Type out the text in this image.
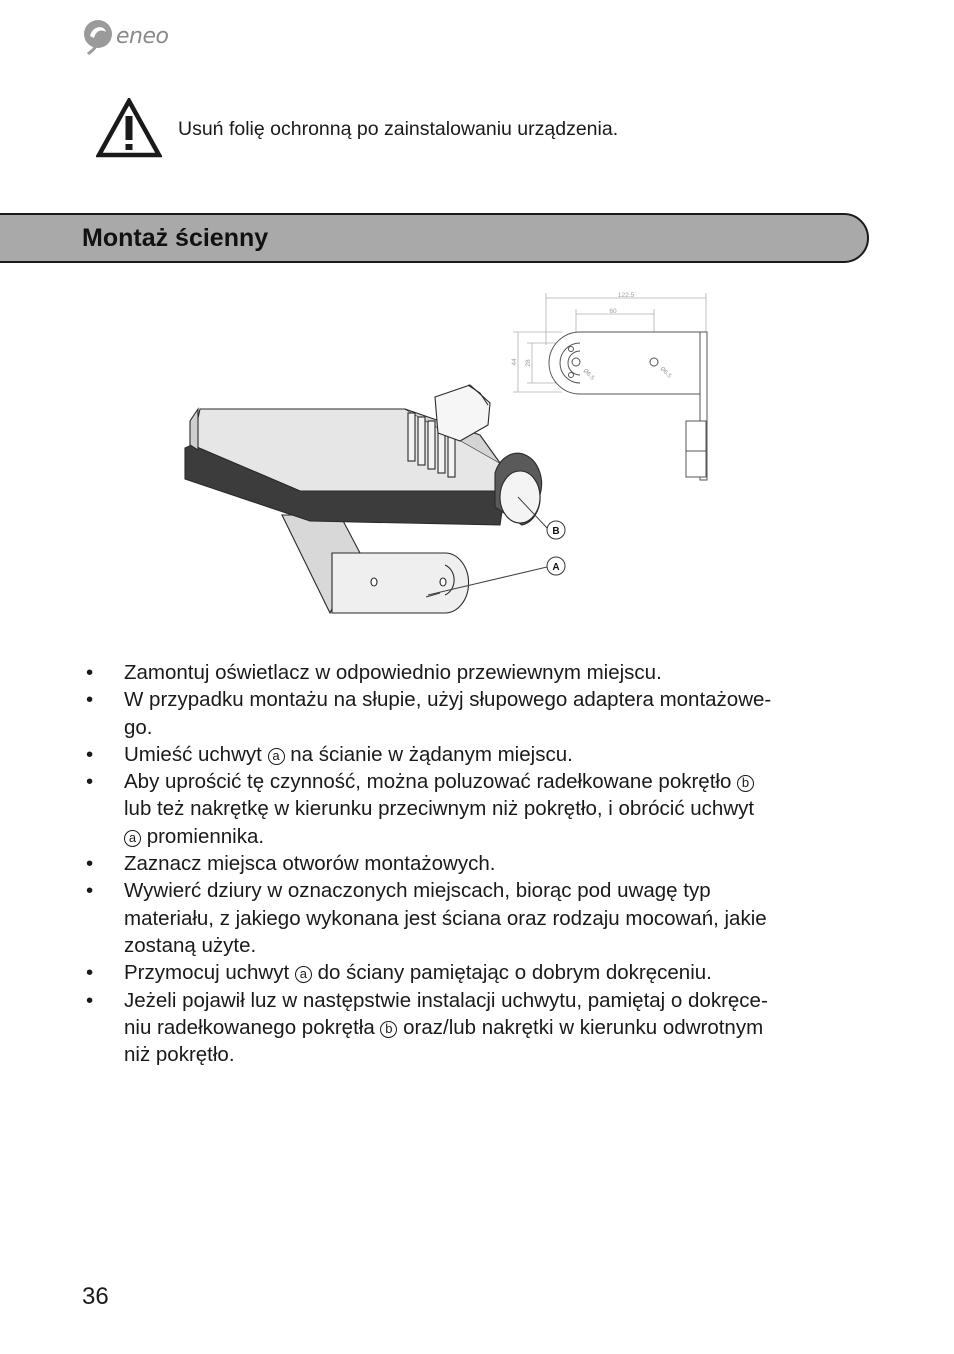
eneo
Usuń folię ochronną po zainstalowaniu urządzenia.
Montaż ścienny
122.5
60
44 28
Ø6.5	Ø6.5
B
A
• Zamontuj oświetlacz w odpowiednio przewiewnym miejscu.
• W przypadku montażu na słupie, użyj słupowego adaptera montażowe-
go.
• Umieść uchwyt a na ścianie w żądanym miejscu.
• Aby uprościć tę czynność, można poluzować radełkowane pokrętło b
lub też nakrętkę w kierunku przeciwnym niż pokrętło, i obrócić uchwyt
a promiennika.
• Zaznacz miejsca otworów montażowych.
• Wywierć dziury w oznaczonych miejscach, biorąc pod uwagę typ
materiału, z jakiego wykonana jest ściana oraz rodzaju mocowań, jakie
zostaną użyte.
• Przymocuj uchwyt a do ściany pamiętając o dobrym dokręceniu.
• Jeżeli pojawił luz w następstwie instalacji uchwytu, pamiętaj o dokręce-
niu radełkowanego pokrętła b oraz/lub nakrętki w kierunku odwrotnym
niż pokrętło.
36
